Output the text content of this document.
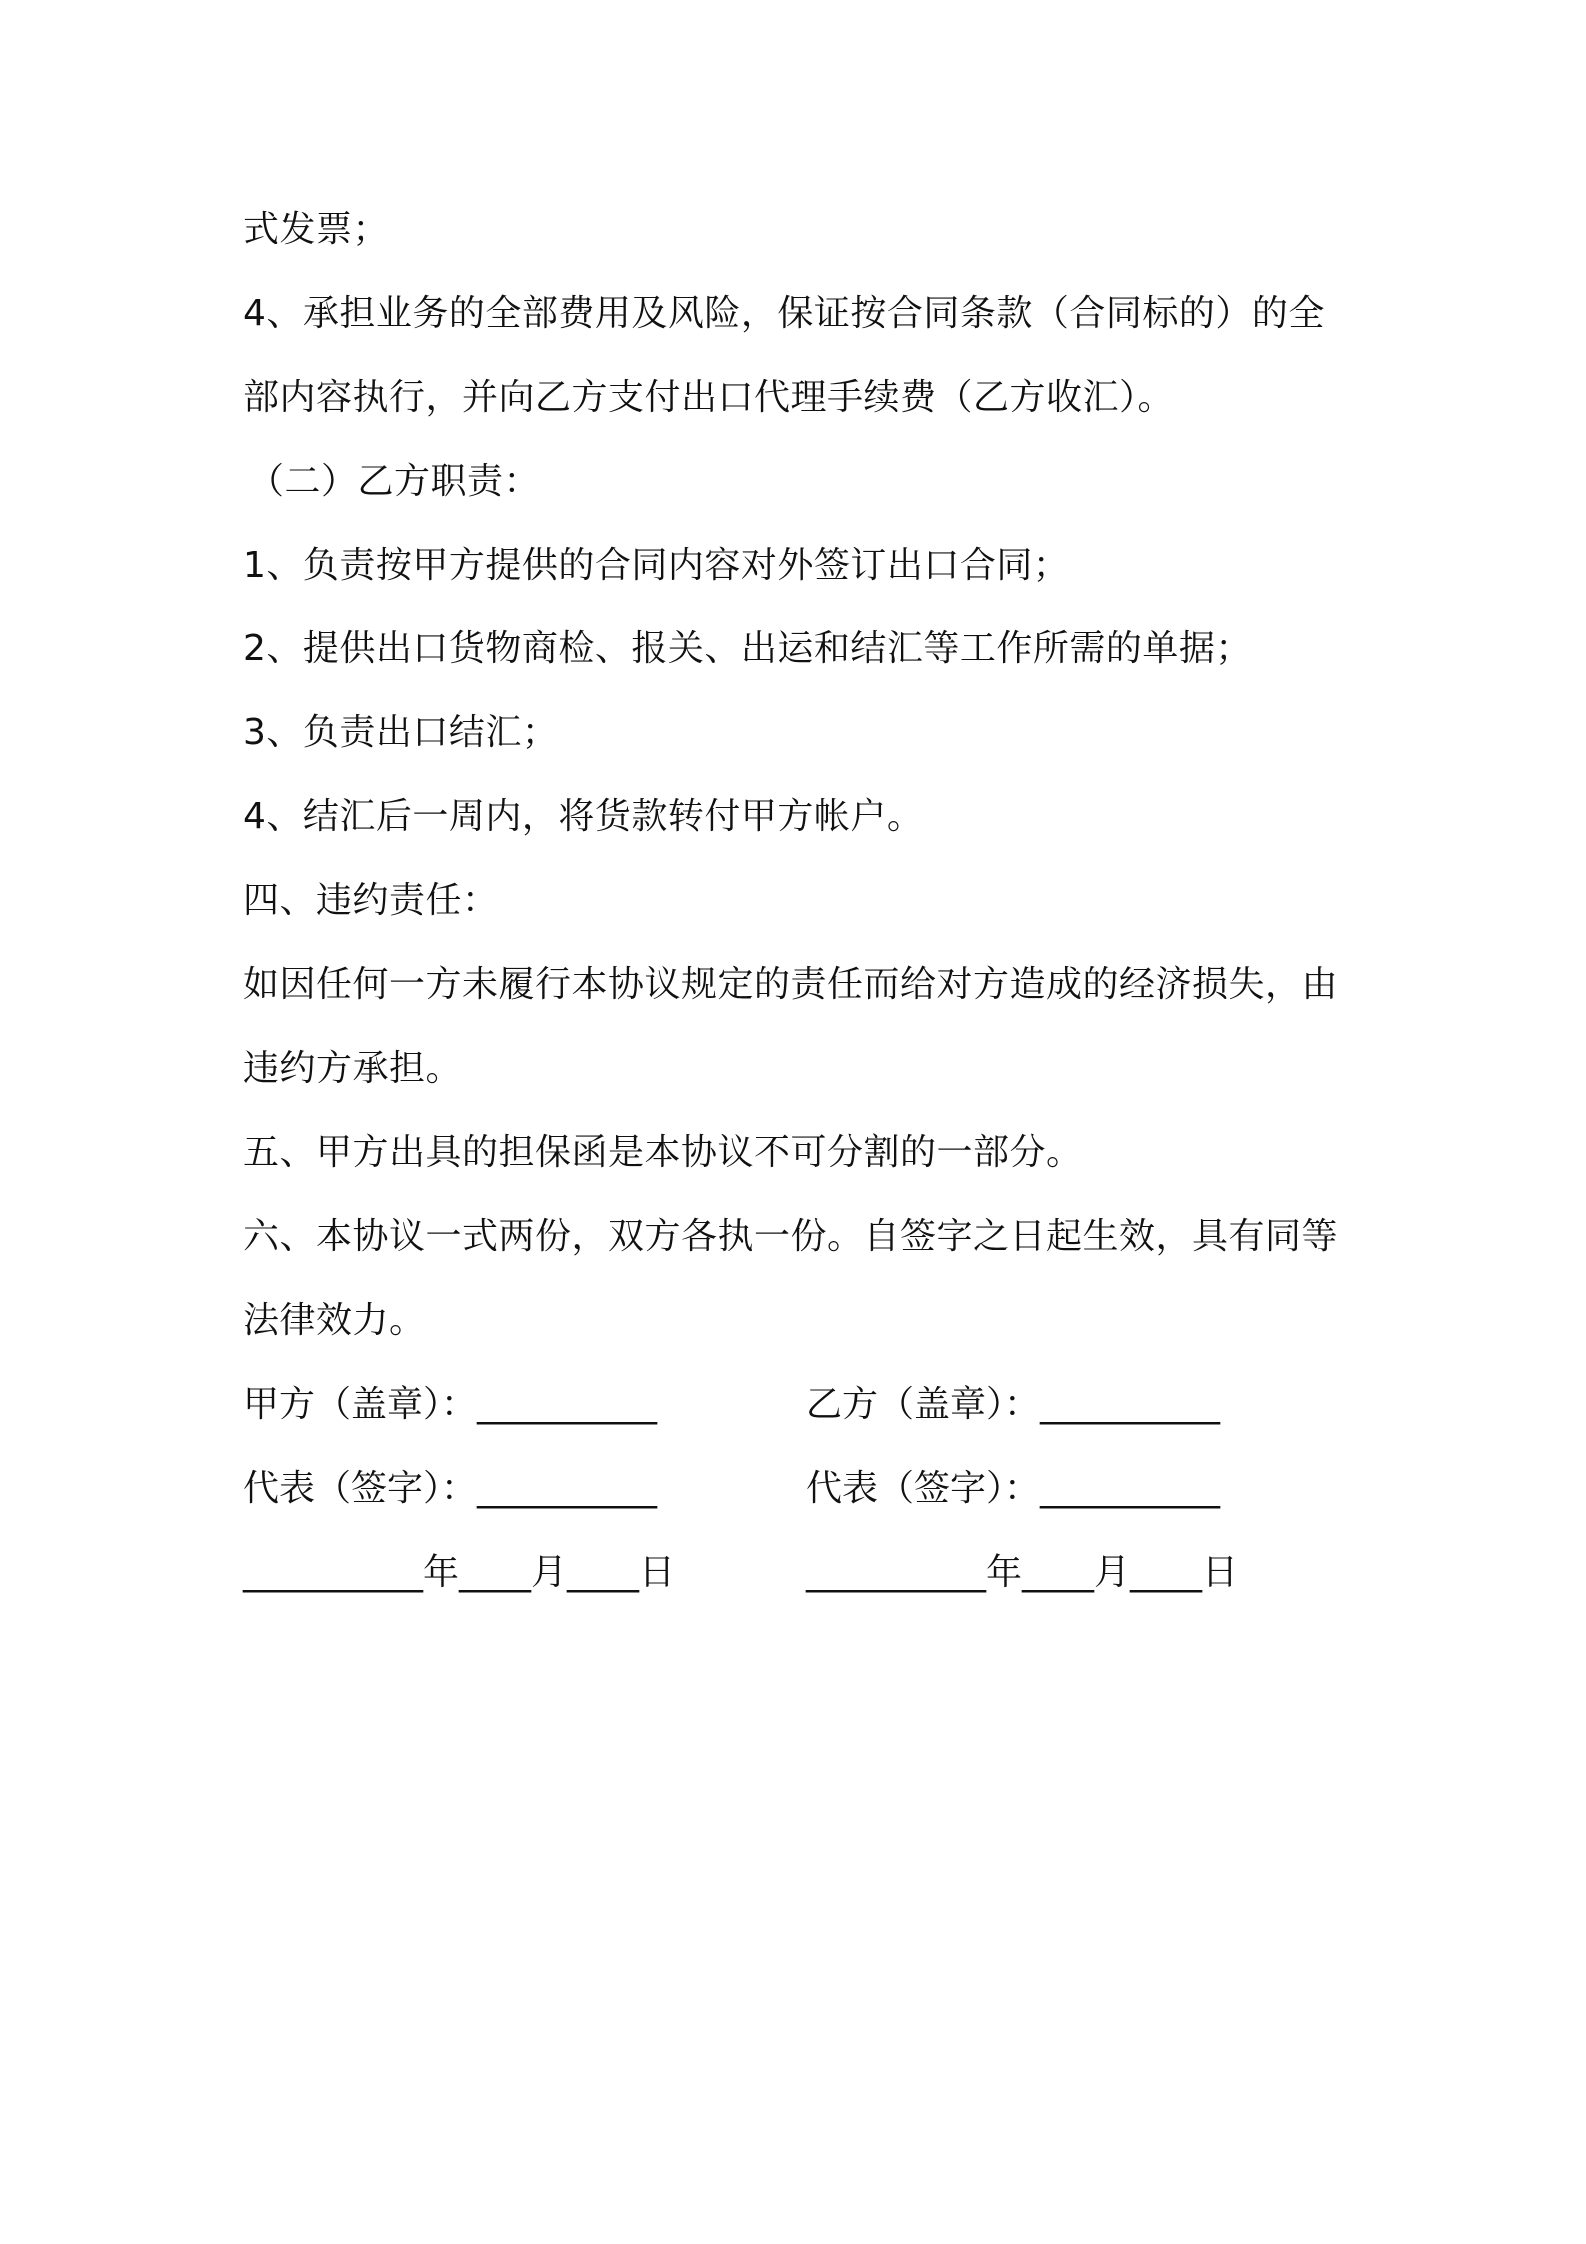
式发票；
4、承担业务的全部费用及风险，保证按合同条款（合同标的）的全
部内容执行，并向乙方支付出口代理手续费（乙方收汇）。
（二）乙方职责：
1、负责按甲方提供的合同内容对外签订出口合同；
2、提供出口货物商检、报关、出运和结汇等工作所需的单据；
3、负责出口结汇；
4、结汇后一周内，将货款转付甲方帐户。
四、违约责任：
如因任何一方未履行本协议规定的责任而给对方造成的经济损失，由
违约方承担。
五、甲方出具的担保函是本协议不可分割的一部分。
六、本协议一式两份，双方各执一份。自签字之日起生效，具有同等
法律效力。
甲方（盖章）：__________	乙方（盖章）：__________
代表（签字）：__________	代表（签字）：__________
__________年____月____日	__________年____月____日
